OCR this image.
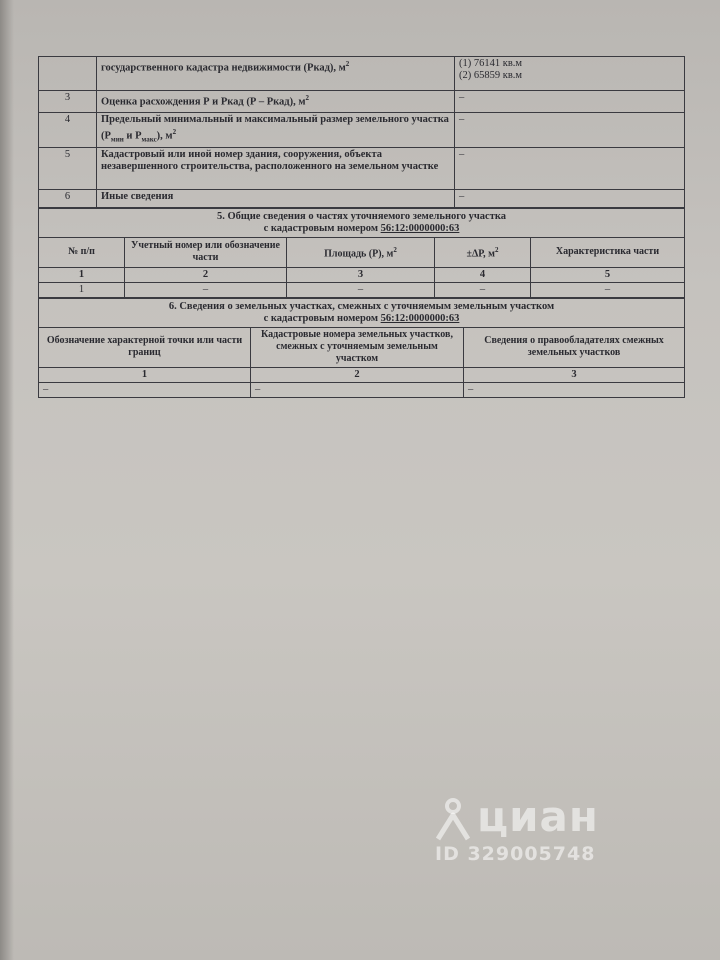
	государственного кадастра недвижимости (Ркад), $м^2$	(1) 76141 кв.м
(2) 65859 кв.м

3	Оценка расхождения Р и Ркад (Р – Ркад), $м^2$	–
4	Предельный минимальный и максимальный размер земельного участка ($Р_{мин}$ и $Р_{макс}$), $м^2$	–
5	Кадастровый или иной номер здания, сооружения, объекта незавершенного строительства, расположенного на земельном участке	–
6	Иные сведения	–
5. Общие сведения о частях уточняемого земельного участка
с кадастровым номером 56:12:0000000:63				

№ п/п	Учетный номер или обозначение части	Площадь (Р), $м^2$	±ΔР, $м^2$	Характеристика части
1	2	3	4	5
1	–	–	–	–
6. Сведения о земельных участках, смежных с уточняемым земельным участком
с кадастровым номером 56:12:0000000:63		

Обозначение характерной точки или части границ	Кадастровые номера земельных участков, смежных с уточняемым земельным участком	Сведения о правообладателях смежных земельных участков
1	2	3
–	–	–
циан
ID 329005748
